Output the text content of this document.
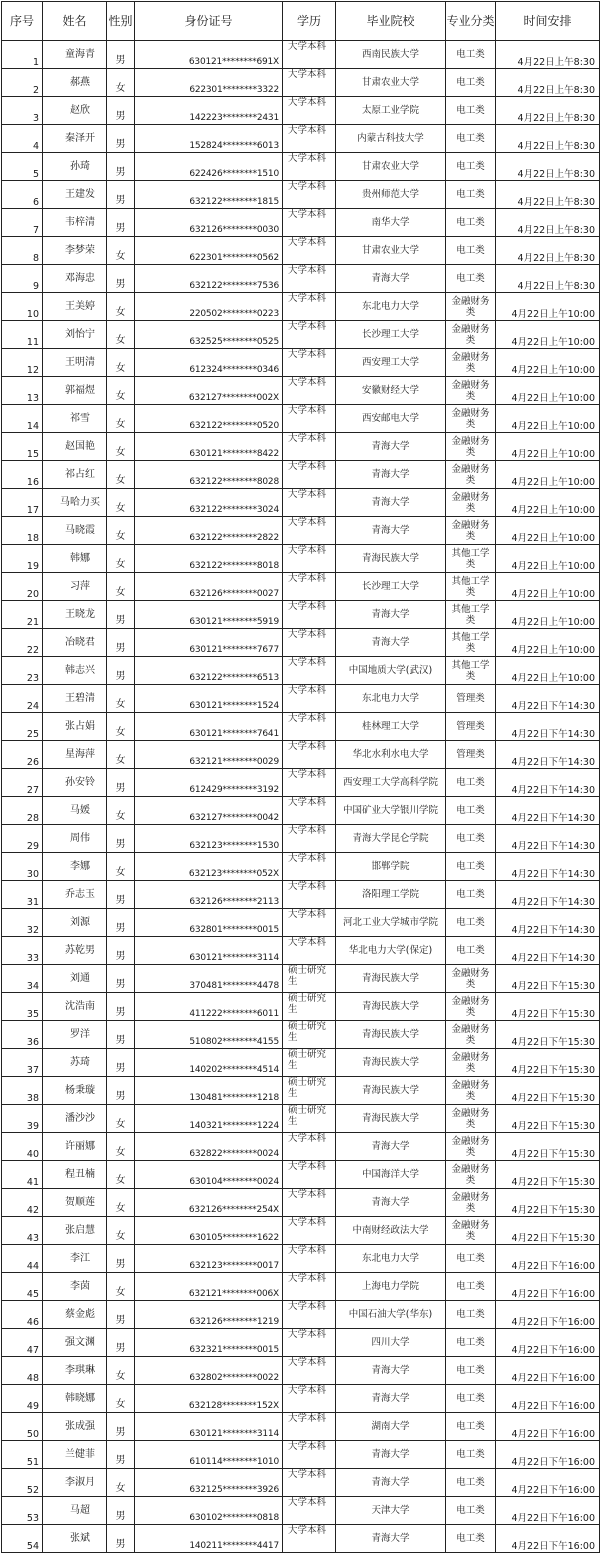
序号	姓名	性别	身份证号	学历	毕业院校	专业分类	时间安排
1	童海青	男	630121********691X	大学本科	西南民族大学	电工类	4月22日上午8:30
2	郝燕	女	622301********3322	大学本科	甘肃农业大学	电工类	4月22日上午8:30
3	赵欣	男	142223********2431	大学本科	太原工业学院	电工类	4月22日上午8:30
4	秦泽开	男	152824********6013	大学本科	内蒙古科技大学	电工类	4月22日上午8:30
5	孙琦	男	622426********1510	大学本科	甘肃农业大学	电工类	4月22日上午8:30
6	王建发	男	632122********1815	大学本科	贵州师范大学	电工类	4月22日上午8:30
7	韦梓清	男	632126********0030	大学本科	南华大学	电工类	4月22日上午8:30
8	李梦荣	女	622301********0562	大学本科	甘肃农业大学	电工类	4月22日上午8:30
9	邓海忠	男	632122********7536	大学本科	青海大学	电工类	4月22日上午8:30
10	王美婷	女	220502********0223	大学本科	东北电力大学	金融财务类	4月22日上午10:00
11	刘怡宁	女	632525********0525	大学本科	长沙理工大学	金融财务类	4月22日上午10:00
12	王明清	女	612324********0346	大学本科	西安理工大学	金融财务类	4月22日上午10:00
13	郭福煜	女	632127********002X	大学本科	安徽财经大学	金融财务类	4月22日上午10:00
14	祁雪	女	632122********0520	大学本科	西安邮电大学	金融财务类	4月22日上午10:00
15	赵国艳	女	630121********8422	大学本科	青海大学	金融财务类	4月22日上午10:00
16	祁占红	女	632122********8028	大学本科	青海大学	金融财务类	4月22日上午10:00
17	马哈力买	女	632122********3024	大学本科	青海大学	金融财务类	4月22日上午10:00
18	马晓霞	女	632122********2822	大学本科	青海大学	金融财务类	4月22日上午10:00
19	韩娜	女	632122********8018	大学本科	青海民族大学	其他工学类	4月22日上午10:00
20	习萍	女	632126********0027	大学本科	长沙理工大学	其他工学类	4月22日上午10:00
21	王晓龙	男	630121********5919	大学本科	青海大学	其他工学类	4月22日上午10:00
22	冶晓君	男	630121********7677	大学本科	青海大学	其他工学类	4月22日上午10:00
23	韩志兴	男	632122********6513	大学本科	中国地质大学(武汉)	其他工学类	4月22日上午10:00
24	王碧清	女	630121********1524	大学本科	东北电力大学	管理类	4月22日下午14:30
25	张占娟	女	630121********7641	大学本科	桂林理工大学	管理类	4月22日下午14:30
26	星海萍	女	632121********0029	大学本科	华北水利水电大学	管理类	4月22日下午14:30
27	孙安铃	男	612429********3192	大学本科	西安理工大学高科学院	电工类	4月22日下午14:30
28	马媛	女	632127********0042	大学本科	中国矿业大学银川学院	电工类	4月22日下午14:30
29	周伟	男	632123********1530	大学本科	青海大学昆仑学院	电工类	4月22日下午14:30
30	李娜	女	632123********052X	大学本科	邯郸学院	电工类	4月22日下午14:30
31	乔志玉	男	632126********2113	大学本科	洛阳理工学院	电工类	4月22日下午14:30
32	刘源	男	632801********0015	大学本科	河北工业大学城市学院	电工类	4月22日下午14:30
33	苏乾男	男	630121********3114	大学本科	华北电力大学(保定)	电工类	4月22日下午14:30
34	刘通	男	370481********4478	硕士研究生	青海民族大学	金融财务类	4月22日下午15:30
35	沈浩南	男	411222********6011	硕士研究生	青海民族大学	金融财务类	4月22日下午15:30
36	罗洋	男	510802********4155	硕士研究生	青海民族大学	金融财务类	4月22日下午15:30
37	苏琦	男	140202********4514	硕士研究生	青海民族大学	金融财务类	4月22日下午15:30
38	杨秉璇	男	130481********1218	硕士研究生	青海民族大学	金融财务类	4月22日下午15:30
39	潘沙沙	女	140321********1224	硕士研究生	青海民族大学	金融财务类	4月22日下午15:30
40	许丽娜	女	632822********0024	大学本科	青海大学	金融财务类	4月22日下午15:30
41	程丑楠	女	630104********0024	大学本科	中国海洋大学	金融财务类	4月22日下午15:30
42	贺顺莲	女	632126********254X	大学本科	青海大学	金融财务类	4月22日下午15:30
43	张启慧	女	630105********1622	大学本科	中南财经政法大学	金融财务类	4月22日下午15:30
44	李江	男	632123********0017	大学本科	东北电力大学	电工类	4月22日下午16:00
45	李茵	女	632121********006X	大学本科	上海电力学院	电工类	4月22日下午16:00
46	蔡金彪	男	632126********1219	大学本科	中国石油大学(华东)	电工类	4月22日下午16:00
47	强文渊	男	632321********0015	大学本科	四川大学	电工类	4月22日下午16:00
48	李琪琳	女	632802********0022	大学本科	青海大学	电工类	4月22日下午16:00
49	韩晓娜	女	632128********152X	大学本科	青海大学	电工类	4月22日下午16:00
50	张成强	男	630121********3114	大学本科	湖南大学	电工类	4月22日下午16:00
51	兰健菲	男	610114********1010	大学本科	青海大学	电工类	4月22日下午16:00
52	李淑月	女	632125********3926	大学本科	青海大学	电工类	4月22日下午16:00
53	马超	男	630102********0818	大学本科	天津大学	电工类	4月22日下午16:00
54	张斌	男	140211********4417	大学本科	青海大学	电工类	4月22日下午16:00
